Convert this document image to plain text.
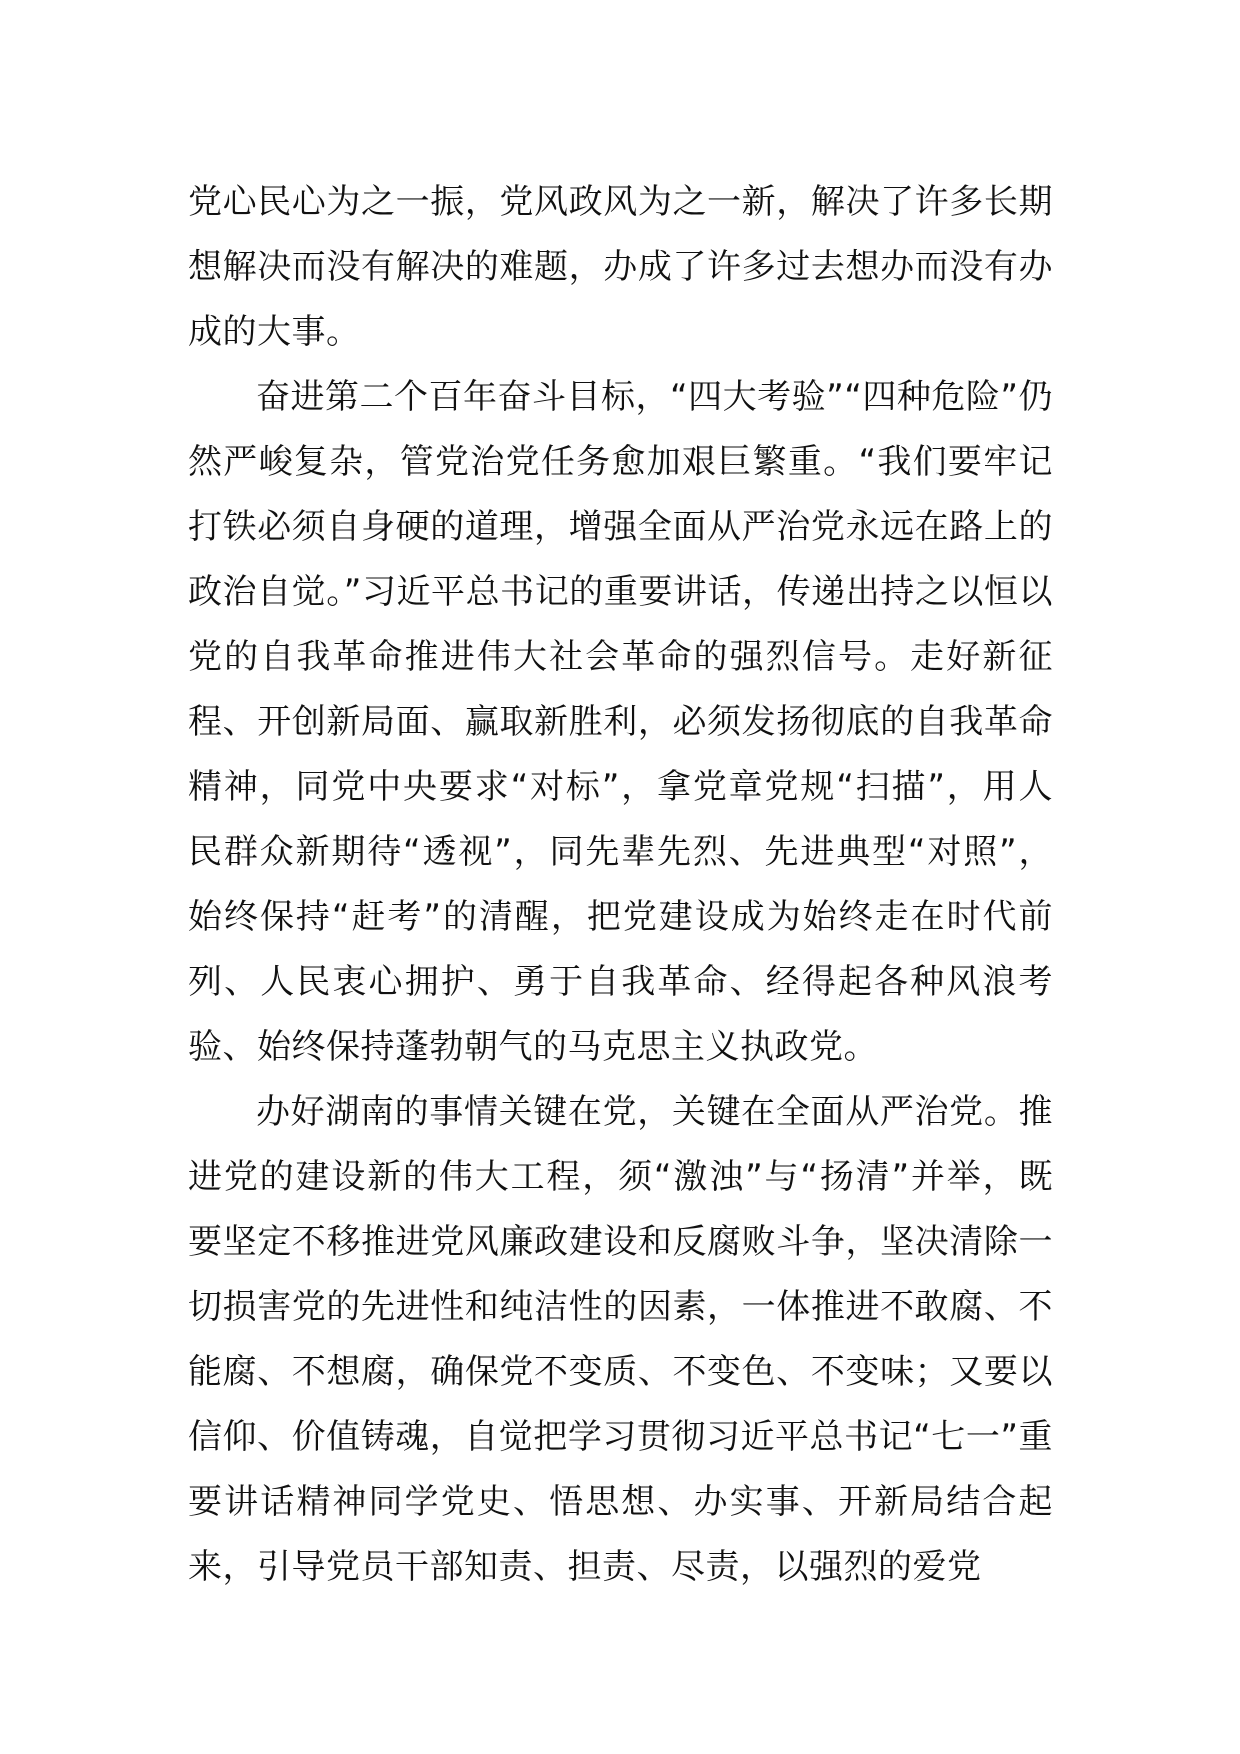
党心民心为之一振，党风政风为之一新，解决了许多长期想解决而没有解决的难题，办成了许多过去想办而没有办成的大事。

奋进第二个百年奋斗目标，“四大考验”“四种危险”仍然严峻复杂，管党治党任务愈加艰巨繁重。“我们要牢记打铁必须自身硬的道理，增强全面从严治党永远在路上的政治自觉。”习近平总书记的重要讲话，传递出持之以恒以党的自我革命推进伟大社会革命的强烈信号。走好新征程、开创新局面、赢取新胜利，必须发扬彻底的自我革命精神，同党中央要求“对标”，拿党章党规“扫描”，用人民群众新期待“透视”，同先辈先烈、先进典型“对照”，始终保持“赶考”的清醒，把党建设成为始终走在时代前列、人民衷心拥护、勇于自我革命、经得起各种风浪考验、始终保持蓬勃朝气的马克思主义执政党。

办好湖南的事情关键在党，关键在全面从严治党。推进党的建设新的伟大工程，须“激浊”与“扬清”并举，既要坚定不移推进党风廉政建设和反腐败斗争，坚决清除一切损害党的先进性和纯洁性的因素，一体推进不敢腐、不能腐、不想腐，确保党不变质、不变色、不变味；又要以信仰、价值铸魂，自觉把学习贯彻习近平总书记“七一”重要讲话精神同学党史、悟思想、办实事、开新局结合起来，引导党员干部知责、担责、尽责，以强烈的爱党
